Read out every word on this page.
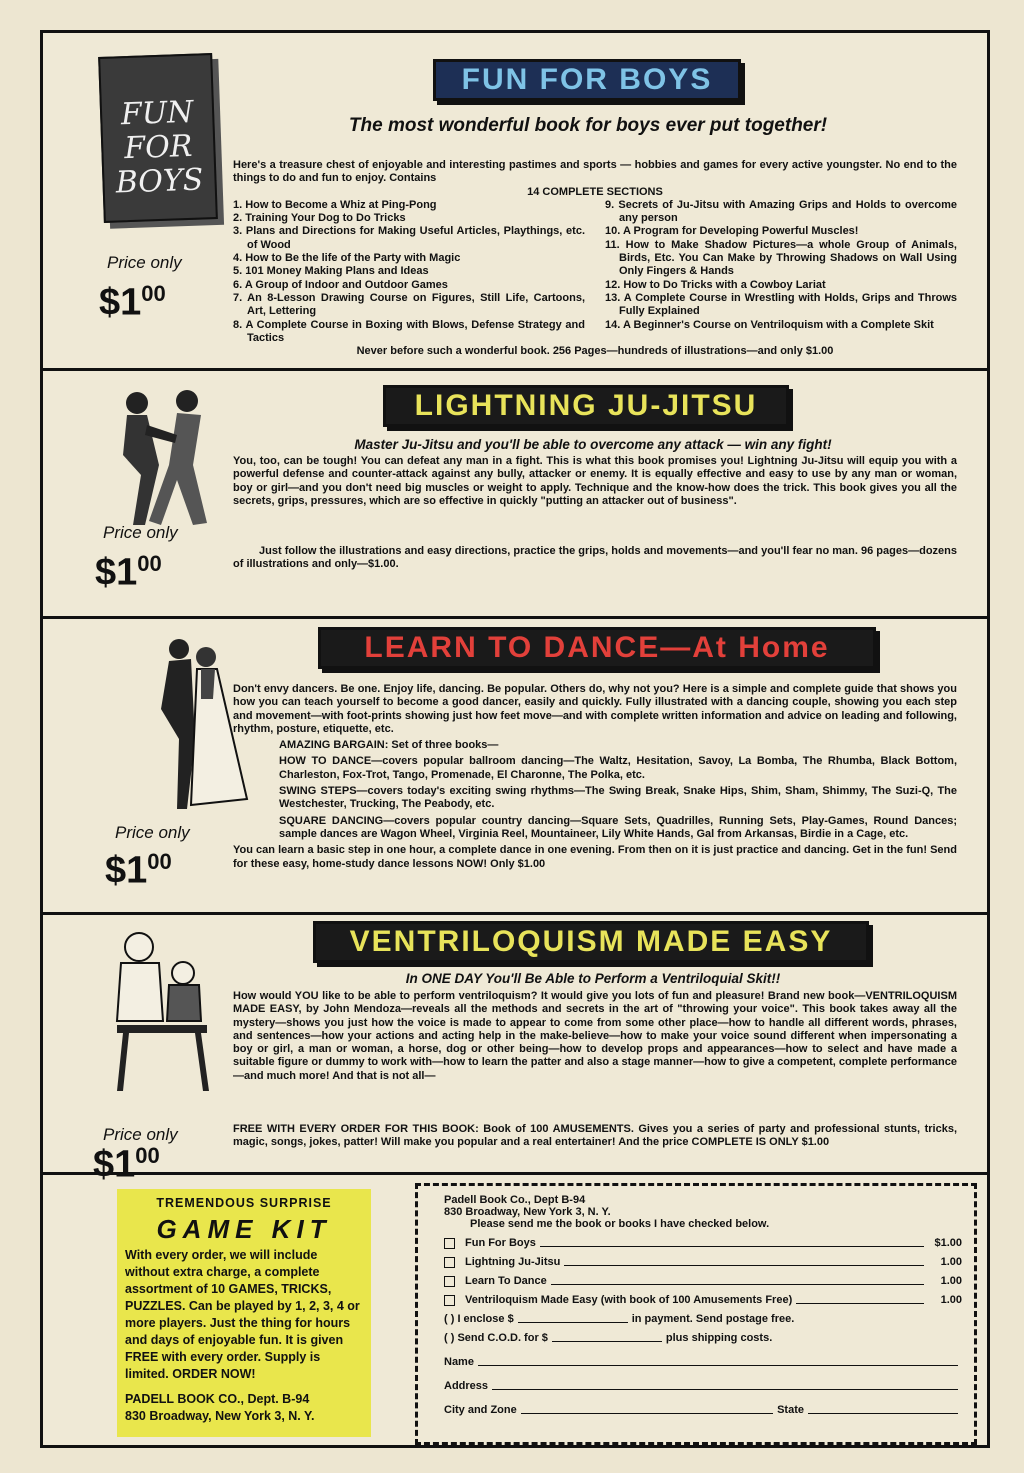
FUN FOR BOYS
Price only
$\$1^{00}$
FUN FOR BOYS
The most wonderful book for boys ever put together!
Here's a treasure chest of enjoyable and interesting pastimes and sports — hobbies and games for every active youngster. No end to the things to do and fun to enjoy. Contains
14 COMPLETE SECTIONS
1. How to Become a Whiz at Ping-Pong
2. Training Your Dog to Do Tricks
3. Plans and Directions for Making Useful Articles, Playthings, etc. of Wood
4. How to Be the life of the Party with Magic
5. 101 Money Making Plans and Ideas
6. A Group of Indoor and Outdoor Games
7. An 8-Lesson Drawing Course on Figures, Still Life, Cartoons, Art, Lettering
8. A Complete Course in Boxing with Blows, Defense Strategy and Tactics
9. Secrets of Ju-Jitsu with Amazing Grips and Holds to overcome any person
10. A Program for Developing Powerful Muscles!
11. How to Make Shadow Pictures—a whole Group of Animals, Birds, Etc. You Can Make by Throwing Shadows on Wall Using Only Fingers & Hands
12. How to Do Tricks with a Cowboy Lariat
13. A Complete Course in Wrestling with Holds, Grips and Throws Fully Explained
14. A Beginner's Course on Ventriloquism with a Complete Skit
Never before such a wonderful book. 256 Pages—hundreds of illustrations—and only $1.00
Price only
$\$1^{00}$
LIGHTNING JU-JITSU
Master Ju-Jitsu and you'll be able to overcome any attack — win any fight!
You, too, can be tough! You can defeat any man in a fight. This is what this book promises you! Lightning Ju-Jitsu will equip you with a powerful defense and counter-attack against any bully, attacker or enemy. It is equally effective and easy to use by any man or woman, boy or girl—and you don't need big muscles or weight to apply. Technique and the know-how does the trick. This book gives you all the secrets, grips, pressures, which are so effective in quickly "putting an attacker out of business".
Just follow the illustrations and easy directions, practice the grips, holds and movements—and you'll fear no man. 96 pages—dozens of illustrations and only—$1.00.
Price only
$\$1^{00}$
LEARN TO DANCE—At Home
Don't envy dancers. Be one. Enjoy life, dancing. Be popular. Others do, why not you? Here is a simple and complete guide that shows you how you can teach yourself to become a good dancer, easily and quickly. Fully illustrated with a dancing couple, showing you each step and movement—with foot-prints showing just how feet move—and with complete written information and advice on leading and following, rhythm, posture, etiquette, etc.
AMAZING BARGAIN: Set of three books—
HOW TO DANCE—covers popular ballroom dancing—The Waltz, Hesitation, Savoy, La Bomba, The Rhumba, Black Bottom, Charleston, Fox-Trot, Tango, Promenade, El Charonne, The Polka, etc.
SWING STEPS—covers today's exciting swing rhythms—The Swing Break, Snake Hips, Shim, Sham, Shimmy, The Suzi-Q, The Westchester, Trucking, The Peabody, etc.
SQUARE DANCING—covers popular country dancing—Square Sets, Quadrilles, Running Sets, Play-Games, Round Dances; sample dances are Wagon Wheel, Virginia Reel, Mountaineer, Lily White Hands, Gal from Arkansas, Birdie in a Cage, etc.
You can learn a basic step in one hour, a complete dance in one evening. From then on it is just practice and dancing. Get in the fun! Send for these easy, home-study dance lessons NOW! Only $1.00
Price only
$\$1^{00}$
VENTRILOQUISM MADE EASY
In ONE DAY You'll Be Able to Perform a Ventriloquial Skit!!
How would YOU like to be able to perform ventriloquism? It would give you lots of fun and pleasure! Brand new book—VENTRILOQUISM MADE EASY, by John Mendoza—reveals all the methods and secrets in the art of "throwing your voice". This book takes away all the mystery—shows you just how the voice is made to appear to come from some other place—how to handle all different words, phrases, and sentences—how your actions and acting help in the make-believe—how to make your voice sound different when impersonating a boy or girl, a man or woman, a horse, dog or other being—how to develop props and appearances—how to select and have made a suitable figure or dummy to work with—how to learn the patter and also a stage manner—how to give a competent, complete performance—and much more! And that is not all—
FREE WITH EVERY ORDER FOR THIS BOOK: Book of 100 AMUSEMENTS. Gives you a series of party and professional stunts, tricks, magic, songs, jokes, patter! Will make you popular and a real entertainer! And the price COMPLETE IS ONLY $1.00
TREMENDOUS SURPRISE
GAME KIT
With every order, we will include without extra charge, a complete assortment of 10 GAMES, TRICKS, PUZZLES. Can be played by 1, 2, 3, 4 or more players. Just the thing for hours and days of enjoyable fun. It is given FREE with every order. Supply is limited. ORDER NOW!
PADELL BOOK CO., Dept. B-94
830 Broadway, New York 3, N. Y.
Padell Book Co., Dept B-94
830 Broadway, New York 3, N. Y.
Please send me the book or books I have checked below.
Fun For Boys	$1.00
Lightning Ju-Jitsu	1.00
Learn To Dance	1.00
Ventriloquism Made Easy (with book of 100 Amusements Free)	1.00
( ) I enclose $	in payment. Send postage free.
( ) Send C.O.D. for $	plus shipping costs.
Name
Address
City and Zone	State
